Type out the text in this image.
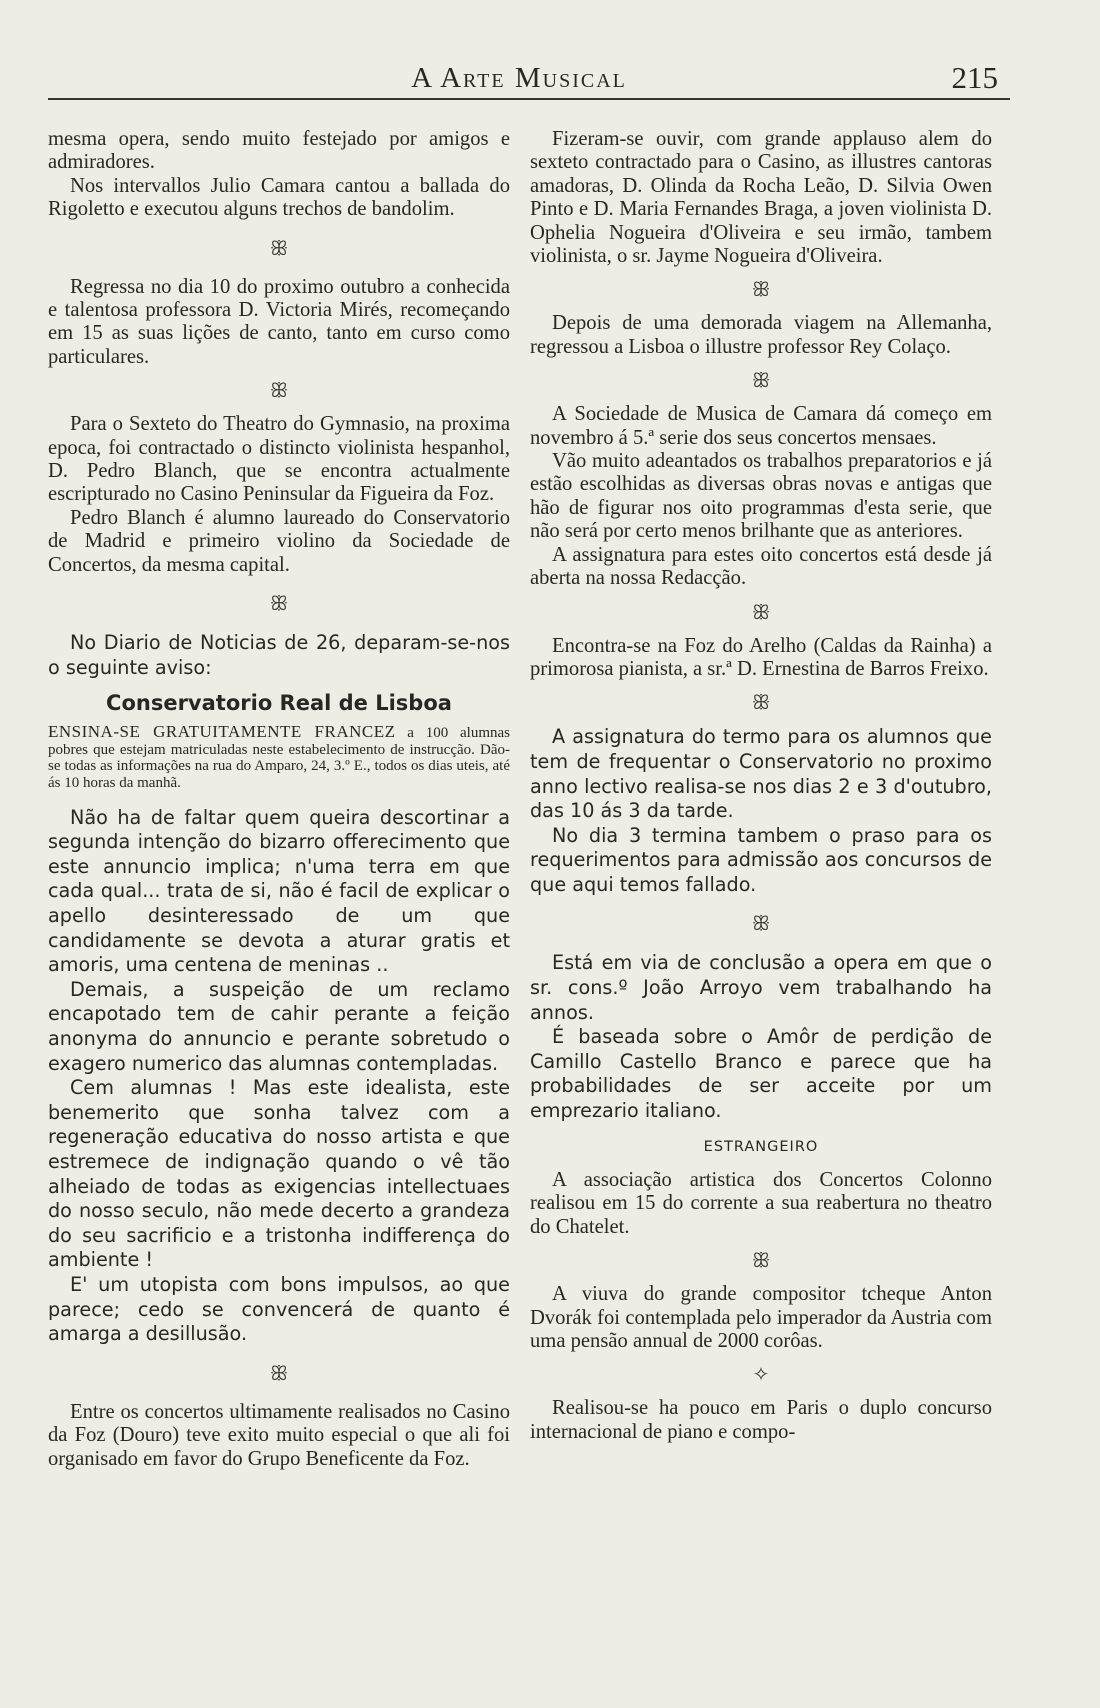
A Arte Musical	215

mesma opera, sendo muito festejado por amigos e admiradores.

Nos intervallos Julio Camara cantou a ballada do Rigoletto e executou alguns trechos de bandolim.

ꕥ

Regressa no dia 10 do proximo outubro a conhecida e talentosa professora D. Victoria Mirés, recomeçando em 15 as suas lições de canto, tanto em curso como particulares.

ꕥ

Para o Sexteto do Theatro do Gymnasio, na proxima epoca, foi contractado o distincto violinista hespanhol, D. Pedro Blanch, que se encontra actualmente escripturado no Casino Peninsular da Figueira da Foz.

Pedro Blanch é alumno laureado do Conservatorio de Madrid e primeiro violino da Sociedade de Concertos, da mesma capital.

ꕥ

No Diario de Noticias de 26, deparam-se-nos o seguinte aviso:

Conservatorio Real de Lisboa
ENSINA-SE GRATUITAMENTE FRANCEZ a 100 alumnas pobres que estejam matriculadas neste estabelecimento de instrucção. Dão-se todas as informações na rua do Amparo, 24, 3.º E., todos os dias uteis, até ás 10 horas da manhã.

Não ha de faltar quem queira descortinar a segunda intenção do bizarro offerecimento que este annuncio implica; n'uma terra em que cada qual... trata de si, não é facil de explicar o apello desinteressado de um que candidamente se devota a aturar gratis et amoris, uma centena de meninas ..

Demais, a suspeição de um reclamo encapotado tem de cahir perante a feição anonyma do annuncio e perante sobretudo o exagero numerico das alumnas contempladas.

Cem alumnas ! Mas este idealista, este benemerito que sonha talvez com a regeneração educativa do nosso artista e que estremece de indignação quando o vê tão alheiado de todas as exigencias intellectuaes do nosso seculo, não mede decerto a grandeza do seu sacrificio e a tristonha indifferença do ambiente !

E' um utopista com bons impulsos, ao que parece; cedo se convencerá de quanto é amarga a desillusão.

ꕥ

Entre os concertos ultimamente realisados no Casino da Foz (Douro) teve exito muito especial o que ali foi organisado em favor do Grupo Beneficente da Foz.

Fizeram-se ouvir, com grande applauso alem do sexteto contractado para o Casino, as illustres cantoras amadoras, D. Olinda da Rocha Leão, D. Silvia Owen Pinto e D. Maria Fernandes Braga, a joven violinista D. Ophelia Nogueira d'Oliveira e seu irmão, tambem violinista, o sr. Jayme Nogueira d'Oliveira.

ꕥ

Depois de uma demorada viagem na Allemanha, regressou a Lisboa o illustre professor Rey Colaço.

ꕥ

A Sociedade de Musica de Camara dá começo em novembro á 5.ª serie dos seus concertos mensaes.

Vão muito adeantados os trabalhos preparatorios e já estão escolhidas as diversas obras novas e antigas que hão de figurar nos oito programmas d'esta serie, que não será por certo menos brilhante que as anteriores.

A assignatura para estes oito concertos está desde já aberta na nossa Redacção.

ꕥ

Encontra-se na Foz do Arelho (Caldas da Rainha) a primorosa pianista, a sr.ª D. Ernestina de Barros Freixo.

ꕥ

A assignatura do termo para os alumnos que tem de frequentar o Conservatorio no proximo anno lectivo realisa-se nos dias 2 e 3 d'outubro, das 10 ás 3 da tarde.

No dia 3 termina tambem o praso para os requerimentos para admissão aos concursos de que aqui temos fallado.

ꕥ

Está em via de conclusão a opera em que o sr. cons.º João Arroyo vem trabalhando ha annos.

É baseada sobre o Amôr de perdição de Camillo Castello Branco e parece que ha probabilidades de ser acceite por um emprezario italiano.

ESTRANGEIRO

A associação artistica dos Concertos Colonno realisou em 15 do corrente a sua reabertura no theatro do Chatelet.

ꕥ

A viuva do grande compositor tcheque Anton Dvorák foi contemplada pelo imperador da Austria com uma pensão annual de 2000 corôas.

✧

Realisou-se ha pouco em Paris o duplo concurso internacional de piano e compo-
